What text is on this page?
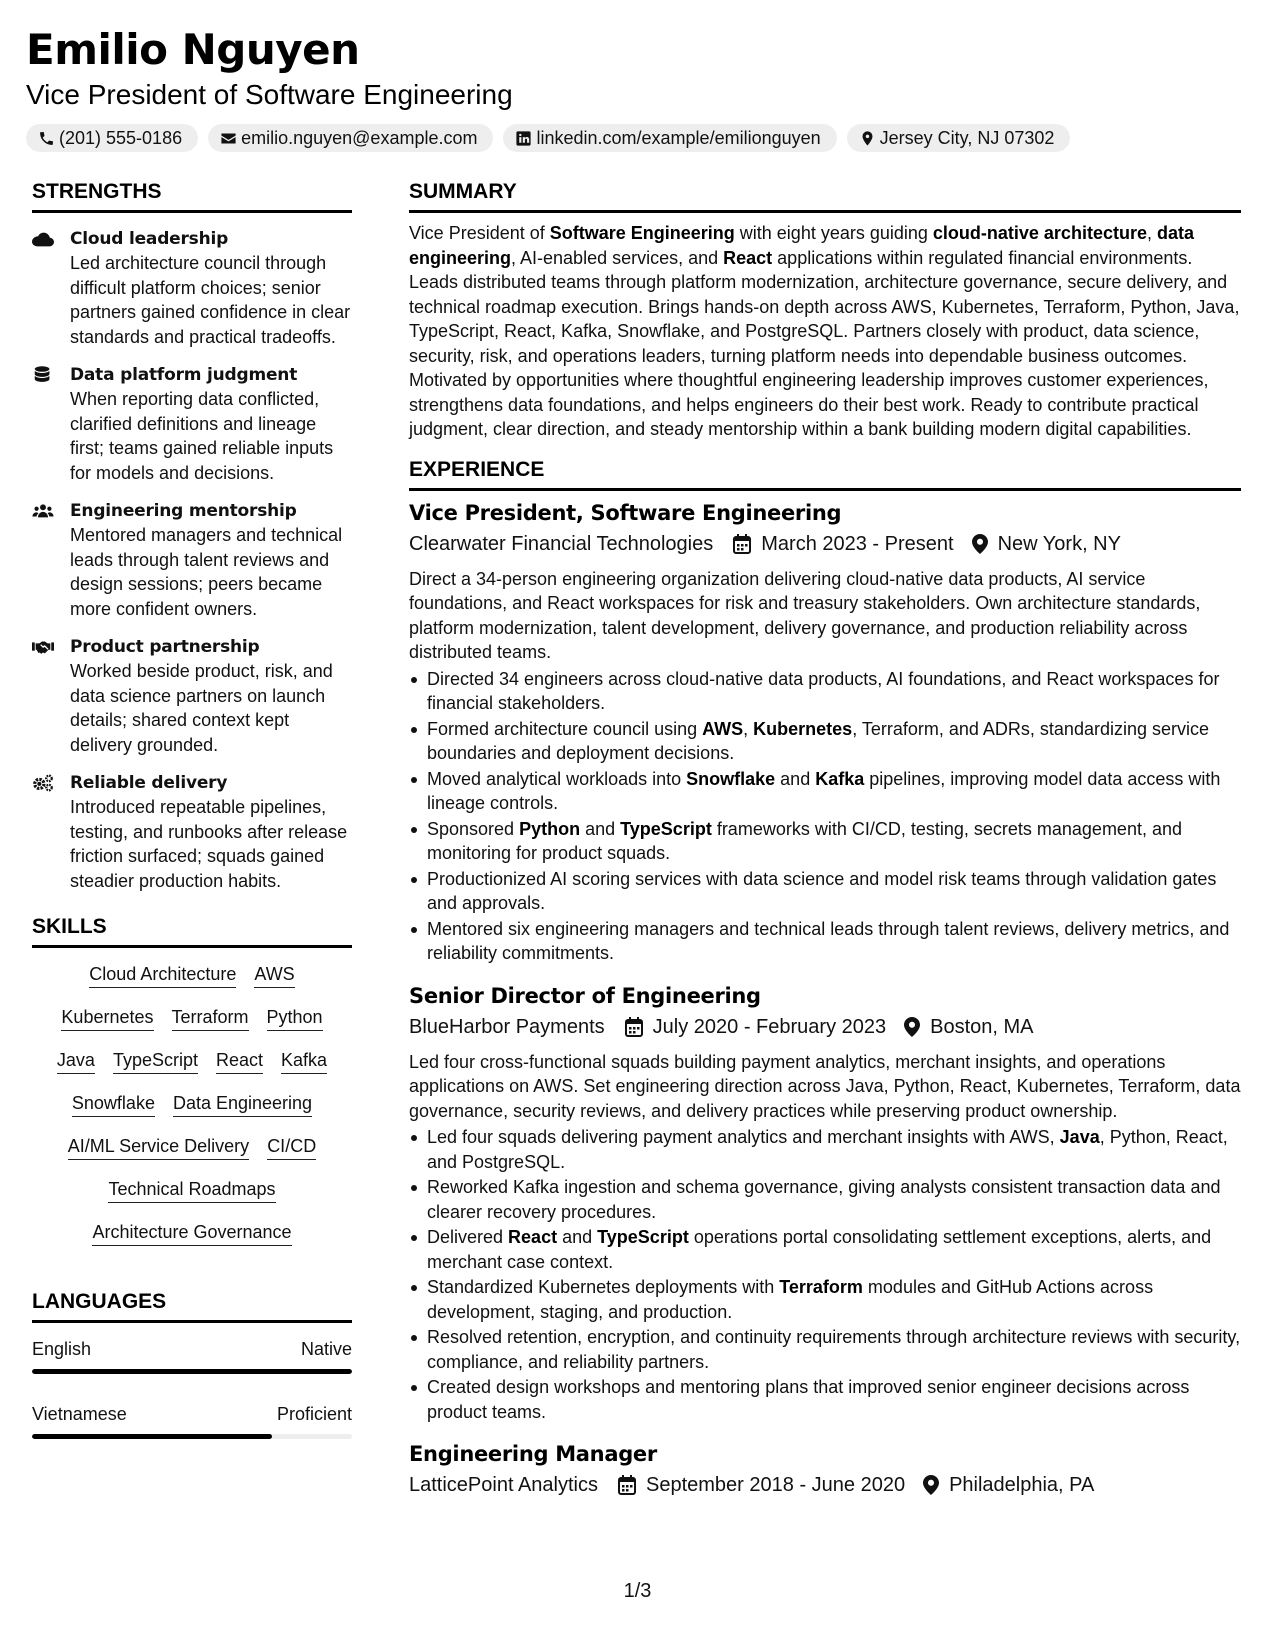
Emilio Nguyen
Vice President of Software Engineering
(201) 555-0186	emilio.nguyen@example.com	linkedin.com/example/emilionguyen	Jersey City, NJ 07302
STRENGTHS
Cloud leadership
Led architecture council through difficult platform choices; senior partners gained confidence in clear standards and practical tradeoffs.
Data platform judgment
When reporting data conflicted, clarified definitions and lineage first; teams gained reliable inputs for models and decisions.
Engineering mentorship
Mentored managers and technical leads through talent reviews and design sessions; peers became more confident owners.
Product partnership
Worked beside product, risk, and data science partners on launch details; shared context kept delivery grounded.
Reliable delivery
Introduced repeatable pipelines, testing, and runbooks after release friction surfaced; squads gained steadier production habits.
SKILLS
Cloud Architecture AWS
Kubernetes Terraform Python
Java TypeScript React Kafka
Snowflake Data Engineering
AI/ML Service Delivery CI/CD
Technical Roadmaps
Architecture Governance
LANGUAGES
English	Native
Vietnamese	Proficient
SUMMARY
Vice President of Software Engineering with eight years guiding cloud-native architecture, data engineering, AI-enabled services, and React applications within regulated financial environments. Leads distributed teams through platform modernization, architecture governance, secure delivery, and technical roadmap execution. Brings hands-on depth across AWS, Kubernetes, Terraform, Python, Java, TypeScript, React, Kafka, Snowflake, and PostgreSQL. Partners closely with product, data science, security, risk, and operations leaders, turning platform needs into dependable business outcomes. Motivated by opportunities where thoughtful engineering leadership improves customer experiences, strengthens data foundations, and helps engineers do their best work. Ready to contribute practical judgment, clear direction, and steady mentorship within a bank building modern digital capabilities.
EXPERIENCE
Vice President, Software Engineering
Clearwater Financial Technologies March 2023 - Present New York, NY
Direct a 34-person engineering organization delivering cloud-native data products, AI service foundations, and React workspaces for risk and treasury stakeholders. Own architecture standards, platform modernization, talent development, delivery governance, and production reliability across distributed teams.
Directed 34 engineers across cloud-native data products, AI foundations, and React workspaces for financial stakeholders.
Formed architecture council using AWS, Kubernetes, Terraform, and ADRs, standardizing service boundaries and deployment decisions.
Moved analytical workloads into Snowflake and Kafka pipelines, improving model data access with lineage controls.
Sponsored Python and TypeScript frameworks with CI/CD, testing, secrets management, and monitoring for product squads.
Productionized AI scoring services with data science and model risk teams through validation gates and approvals.
Mentored six engineering managers and technical leads through talent reviews, delivery metrics, and reliability commitments.
Senior Director of Engineering
BlueHarbor Payments July 2020 - February 2023 Boston, MA
Led four cross-functional squads building payment analytics, merchant insights, and operations applications on AWS. Set engineering direction across Java, Python, React, Kubernetes, Terraform, data governance, security reviews, and delivery practices while preserving product ownership.
Led four squads delivering payment analytics and merchant insights with AWS, Java, Python, React, and PostgreSQL.
Reworked Kafka ingestion and schema governance, giving analysts consistent transaction data and clearer recovery procedures.
Delivered React and TypeScript operations portal consolidating settlement exceptions, alerts, and merchant case context.
Standardized Kubernetes deployments with Terraform modules and GitHub Actions across development, staging, and production.
Resolved retention, encryption, and continuity requirements through architecture reviews with security, compliance, and reliability partners.
Created design workshops and mentoring plans that improved senior engineer decisions across product teams.
Engineering Manager
LatticePoint Analytics September 2018 - June 2020 Philadelphia, PA
1/3
